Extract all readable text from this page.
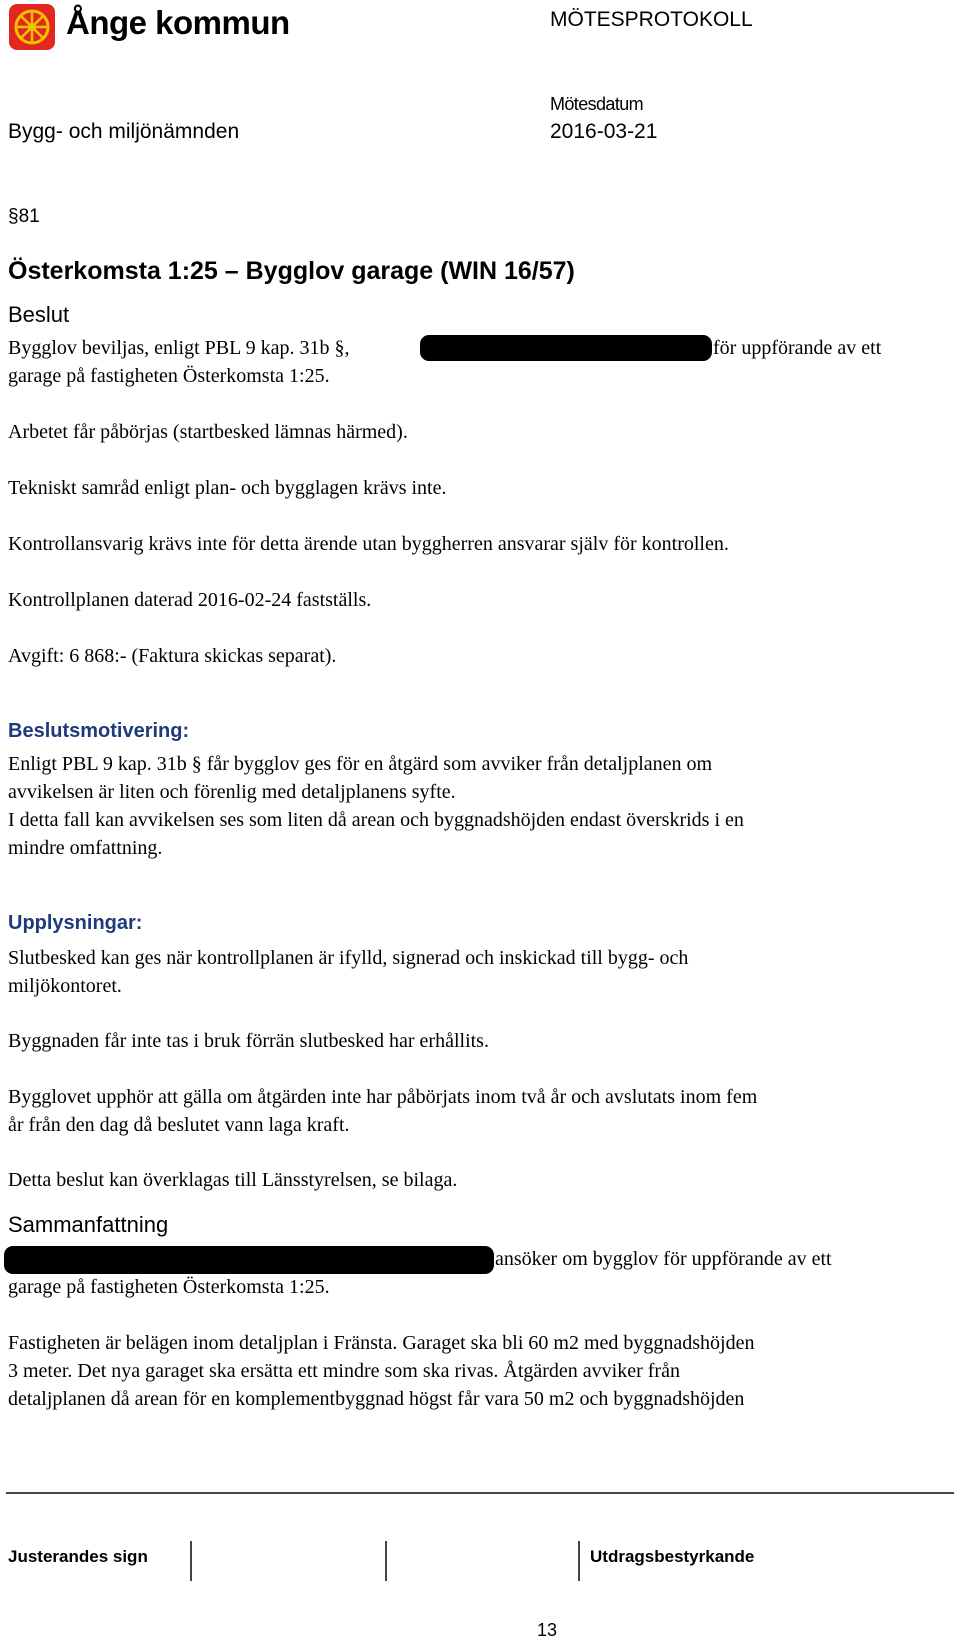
Ånge kommun	MÖTESPROTOKOLL
Mötesdatum
Bygg- och miljönämnden	2016-03-21
§81
Österkomsta 1:25 – Bygglov garage (WIN 16/57)
Beslut
Bygglov beviljas, enligt PBL 9 kap. 31b §,	för uppförande av ett
garage på fastigheten Österkomsta 1:25.
Arbetet får påbörjas (startbesked lämnas härmed).
Tekniskt samråd enligt plan- och bygglagen krävs inte.
Kontrollansvarig krävs inte för detta ärende utan byggherren ansvarar själv för kontrollen.
Kontrollplanen daterad 2016-02-24 fastställs.
Avgift: 6 868:- (Faktura skickas separat).
Beslutsmotivering:
Enligt PBL 9 kap. 31b § får bygglov ges för en åtgärd som avviker från detaljplanen om
avvikelsen är liten och förenlig med detaljplanens syfte.
I detta fall kan avvikelsen ses som liten då arean och byggnadshöjden endast överskrids i en
mindre omfattning.
Upplysningar:
Slutbesked kan ges när kontrollplanen är ifylld, signerad och inskickad till bygg- och
miljökontoret.
Byggnaden får inte tas i bruk förrän slutbesked har erhållits.
Bygglovet upphör att gälla om åtgärden inte har påbörjats inom två år och avslutats inom fem
år från den dag då beslutet vann laga kraft.
Detta beslut kan överklagas till Länsstyrelsen, se bilaga.
Sammanfattning
ansöker om bygglov för uppförande av ett
garage på fastigheten Österkomsta 1:25.
Fastigheten är belägen inom detaljplan i Fränsta. Garaget ska bli 60 m2 med byggnadshöjden
3 meter. Det nya garaget ska ersätta ett mindre som ska rivas. Åtgärden avviker från
detaljplanen då arean för en komplementbyggnad högst får vara 50 m2 och byggnadshöjden
Justerandes sign	Utdragsbestyrkande
13
